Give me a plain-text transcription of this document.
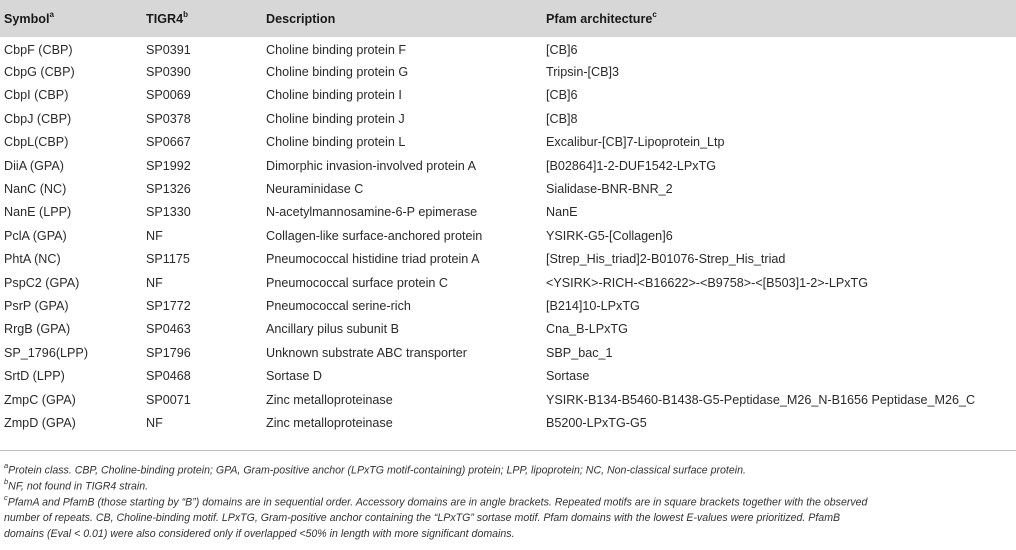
Symbol$^a$	TIGR4$^b$	Description	Pfam architecture$^c$
CbpF (CBP)	SP0391	Choline binding protein F	[CB]6
CbpG (CBP)	SP0390	Choline binding protein G	Tripsin-[CB]3
CbpI (CBP)	SP0069	Choline binding protein I	[CB]6
CbpJ (CBP)	SP0378	Choline binding protein J	[CB]8
CbpL(CBP)	SP0667	Choline binding protein L	Excalibur-[CB]7-Lipoprotein_Ltp
DiiA (GPA)	SP1992	Dimorphic invasion-involved protein A	[B02864]1-2-DUF1542-LPxTG
NanC (NC)	SP1326	Neuraminidase C	Sialidase-BNR-BNR_2
NanE (LPP)	SP1330	N-acetylmannosamine-6-P epimerase	NanE
PclA (GPA)	NF	Collagen-like surface-anchored protein	YSIRK-G5-[Collagen]6
PhtA (NC)	SP1175	Pneumococcal histidine triad protein A	[Strep_His_triad]2-B01076-Strep_His_triad
PspC2 (GPA)	NF	Pneumococcal surface protein C	<YSIRK>-RICH-<B16622>-<B9758>-<[B503]1-2>-LPxTG
PsrP (GPA)	SP1772	Pneumococcal serine-rich	[B214]10-LPxTG
RrgB (GPA)	SP0463	Ancillary pilus subunit B	Cna_B-LPxTG
SP_1796(LPP)	SP1796	Unknown substrate ABC transporter	SBP_bac_1
SrtD (LPP)	SP0468	Sortase D	Sortase
ZmpC (GPA)	SP0071	Zinc metalloproteinase	YSIRK-B134-B5460-B1438-G5-Peptidase_M26_N-B1656 Peptidase_M26_C
ZmpD (GPA)	NF	Zinc metalloproteinase	B5200-LPxTG-G5
$^a$Protein class. CBP, Choline-binding protein; GPA, Gram-positive anchor (LPxTG motif-containing) protein; LPP, lipoprotein; NC, Non-classical surface protein.
$^b$NF, not found in TIGR4 strain.
$^c$PfamA and PfamB (those starting by “B”) domains are in sequential order. Accessory domains are in angle brackets. Repeated motifs are in square brackets together with the observed
number of repeats. CB, Choline-binding motif. LPxTG, Gram-positive anchor containing the “LPxTG” sortase motif. Pfam domains with the lowest E-values were prioritized. PfamB
domains (Eval < 0.01) were also considered only if overlapped <50% in length with more significant domains.
